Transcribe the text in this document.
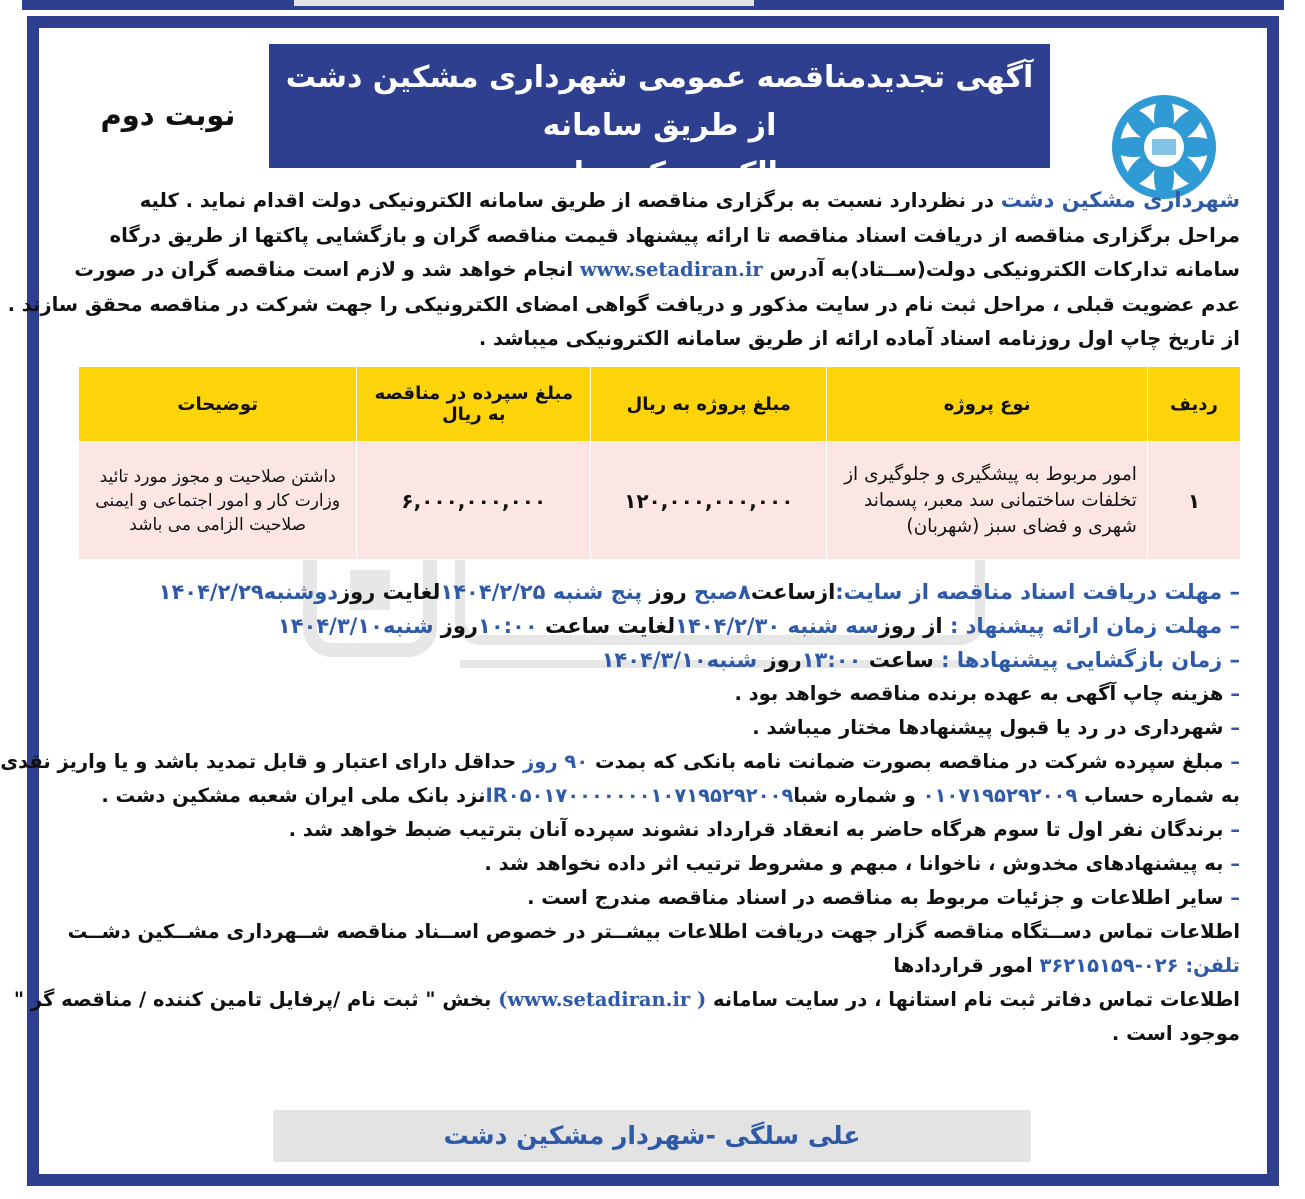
آگهی تجدیدمناقصه عمومی شهرداری مشکین دشت از طریق سامانه
الکترونیکی‌دولت
نوبت دوم
شهرداری مشکین دشت در نظردارد نسبت به برگزاری مناقصه از طریق سامانه الکترونیکی دولت اقدام نماید . کلیه
مراحل برگزاری مناقصه از دریافت اسناد مناقصه تا ارائه پیشنهاد قیمت مناقصه گران و بازگشایی پاکتها از طریق درگاه
سامانه تدارکات الکترونیکی دولت(ســتاد)به آدرس www.setadiran.ir انجام خواهد شد و لازم است مناقصه گران در صورت
عدم عضویت قبلی ، مراحل ثبت نام در سایت مذکور و دریافت گواهی امضای الکترونیکی را جهت شرکت در مناقصه محقق سازند .
از تاریخ چاپ اول روزنامه اسناد آماده ارائه از طریق سامانه الکترونیکی میباشد .
ردیف	نوع پروژه	مبلغ پروژه به ریال	مبلغ سپرده در مناقصه به ریال	توضیحات
۱	امور مربوط به پیشگیری و جلوگیری از تخلفات ساختمانی سد معبر، پسماند شهری و فضای سبز (شهربان)	۱۲۰,۰۰۰,۰۰۰,۰۰۰	۶,۰۰۰,۰۰۰,۰۰۰	داشتن صلاحیت و مجوز مورد تائید وزارت کار و امور اجتماعی و ایمنی صلاحیت الزامی می باشد
– مهلت دریافت اسناد مناقصه از سایت:ازساعت۸صبح روز پنج شنبه ۱۴۰۴/۲/۲۵لغایت روزدوشنبه۱۴۰۴/۲/۲۹
– مهلت زمان ارائه پیشنهاد : از روزسه شنبه ۱۴۰۴/۲/۳۰لغایت ساعت ۱۰:۰۰روز شنبه۱۴۰۴/۳/۱۰
– زمان بازگشایی پیشنهادها : ساعت ۱۳:۰۰روز شنبه۱۴۰۴/۳/۱۰
– هزینه چاپ آگهی به عهده برنده مناقصه خواهد بود .
– شهرداری در رد یا قبول پیشنهادها مختار میباشد .
– مبلغ سپرده شرکت در مناقصه بصورت ضمانت نامه بانکی که بمدت ۹۰ روز حداقل دارای اعتبار و قابل تمدید باشد و یا واریز نقدی
به شماره حساب ۰۱۰۷۱۹۵۲۹۲۰۰۹ و شماره شباIR۰۵۰۱۷۰۰۰۰۰۰۰۱۰۷۱۹۵۲۹۲۰۰۹نزد بانک ملی ایران شعبه مشکین دشت .
– برندگان نفر اول تا سوم هرگاه حاضر به انعقاد قرارداد نشوند سپرده آنان بترتیب ضبط خواهد شد .
– به پیشنهادهای مخدوش ، ناخوانا ، مبهم و مشروط ترتیب اثر داده نخواهد شد .
– سایر اطلاعات و جزئیات مربوط به مناقصه در اسناد مناقصه مندرج است .
اطلاعات تماس دســتگاه مناقصه گزار جهت دریافت اطلاعات بیشــتر در خصوص اســناد مناقصه شــهرداری مشــکین دشــت
تلفن: ۰۲۶-۳۶۲۱۵۱۵۹ امور قراردادها
اطلاعات تماس دفاتر ثبت نام استانها ، در سایت سامانه ( www.setadiran.ir) بخش " ثبت نام /پرفایل تامین کننده / مناقصه گر "
موجود است .
علی سلگی -شهردار مشکین دشت
